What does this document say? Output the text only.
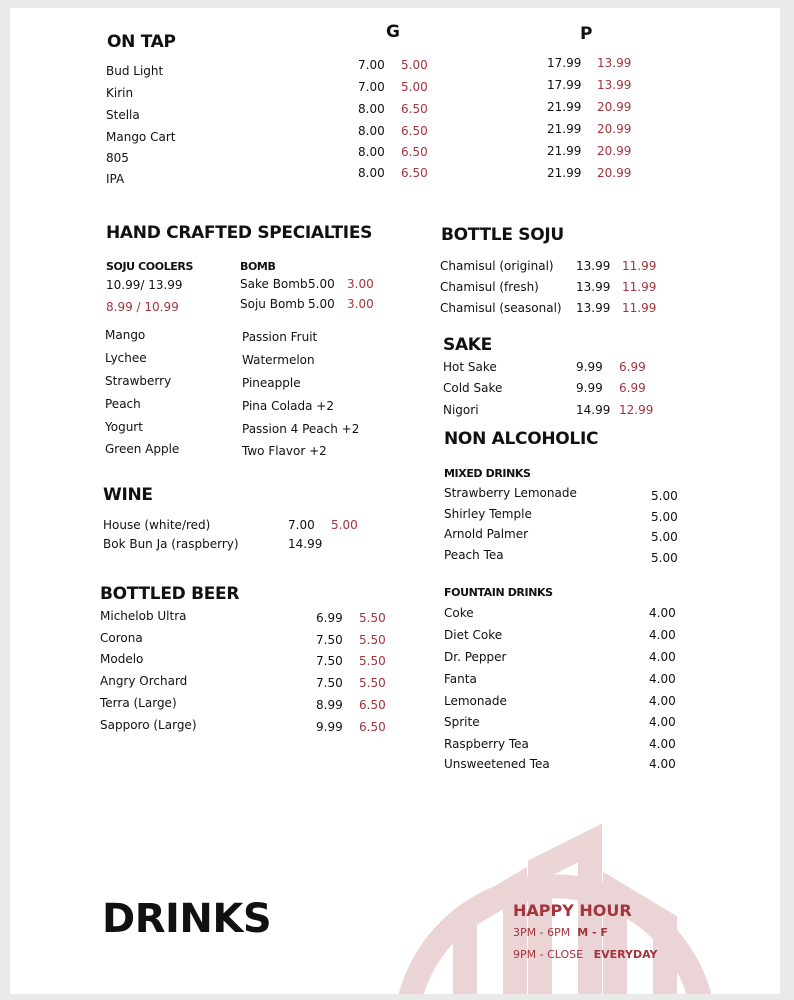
G	P
ON TAP
Bud Light	7.00 5.00	17.99 13.99
Kirin	7.00 5.00	17.99 13.99
Stella	8.00 6.50	21.99 20.99
Mango Cart	8.00 6.50	21.99 20.99
805	8.00 6.50	21.99 20.99
IPA	8.00 6.50	21.99 20.99
HAND CRAFTED SPECIALTIES
SOJU COOLERS
10.99/ 13.99
8.99 / 10.99
BOMB
Sake Bomb 5.00 3.00
Soju Bomb 5.00 3.00
Mango	Passion Fruit
Lychee	Watermelon
Strawberry	Pineapple
Peach	Pina Colada +2
Yogurt	Passion 4 Peach +2
Green Apple	Two Flavor +2
WINE
House (white/red)	7.00 5.00
Bok Bun Ja (raspberry)	14.99
BOTTLED BEER
Michelob Ultra	6.99 5.50
Corona	7.50 5.50
Modelo	7.50 5.50
Angry Orchard	7.50 5.50
Terra (Large)	8.99 6.50
Sapporo (Large)	9.99 6.50
BOTTLE SOJU
Chamisul (original) 13.99 11.99
Chamisul (fresh)	13.99 11.99
Chamisul (seasonal) 13.99 11.99
SAKE
Hot Sake	9.99 6.99
Cold Sake	9.99 6.99
Nigori	14.99 12.99
NON ALCOHOLIC
MIXED DRINKS
Strawberry Lemonade	5.00
Shirley Temple	5.00
Arnold Palmer	5.00
Peach Tea	5.00
FOUNTAIN DRINKS
Coke	4.00
Diet Coke	4.00
Dr. Pepper	4.00
Fanta	4.00
Lemonade	4.00
Sprite	4.00
Raspberry Tea	4.00
Unsweetened Tea	4.00
DRINKS	HAPPY HOUR
3PM - 6PM M - F
9PM - CLOSE EVERYDAY
